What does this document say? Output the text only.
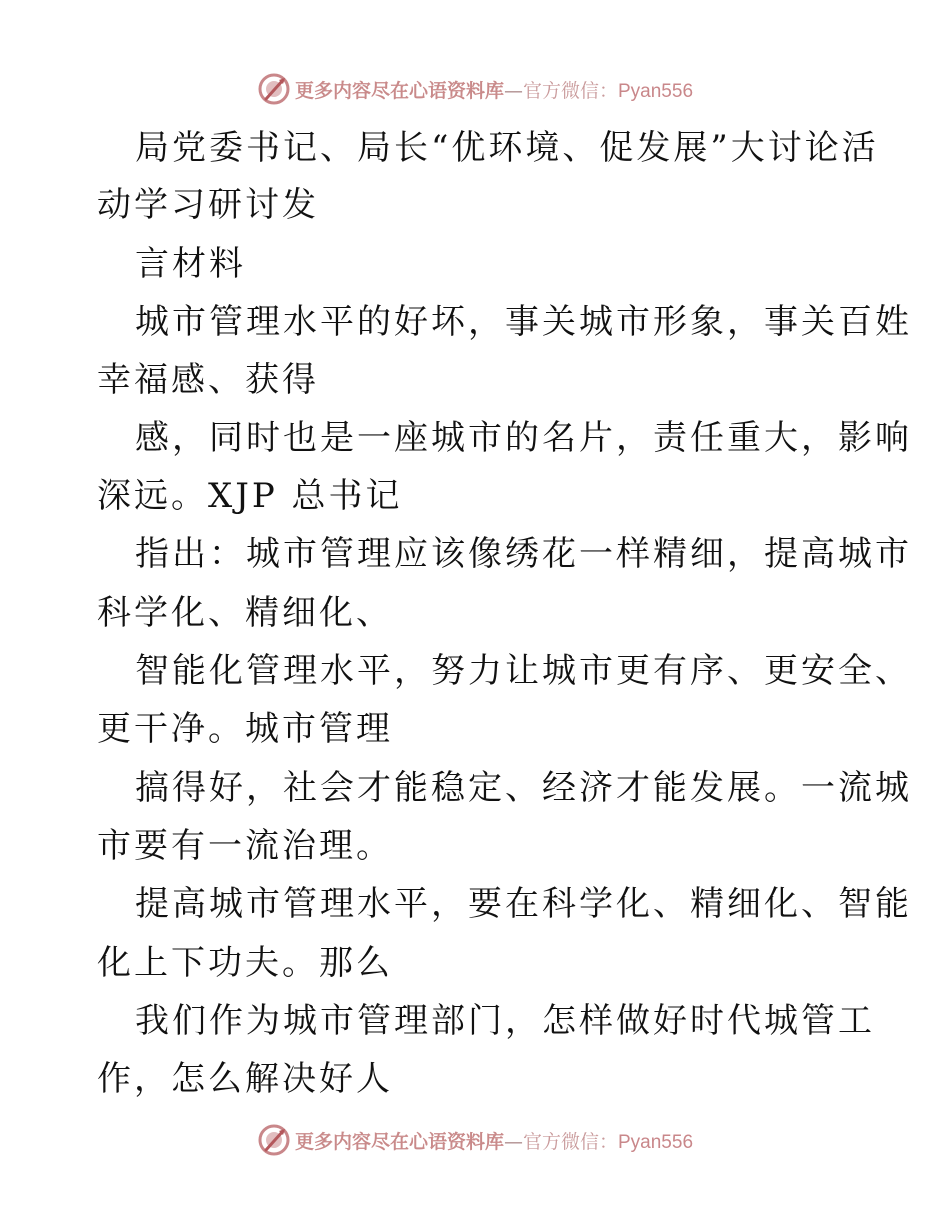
更多内容尽在心语资料库—官方微信：Pyan556
局党委书记、局长“优环境、促发展”大讨论活
动学习研讨发
言材料
城市管理水平的好坏，事关城市形象，事关百姓
幸福感、获得
感，同时也是一座城市的名片，责任重大，影响
深远。XJP 总书记
指出：城市管理应该像绣花一样精细，提高城市
科学化、精细化、
智能化管理水平，努力让城市更有序、更安全、
更干净。城市管理
搞得好，社会才能稳定、经济才能发展。一流城
市要有一流治理。
提高城市管理水平，要在科学化、精细化、智能
化上下功夫。那么
我们作为城市管理部门，怎样做好时代城管工
作，怎么解决好人
更多内容尽在心语资料库—官方微信：Pyan556
